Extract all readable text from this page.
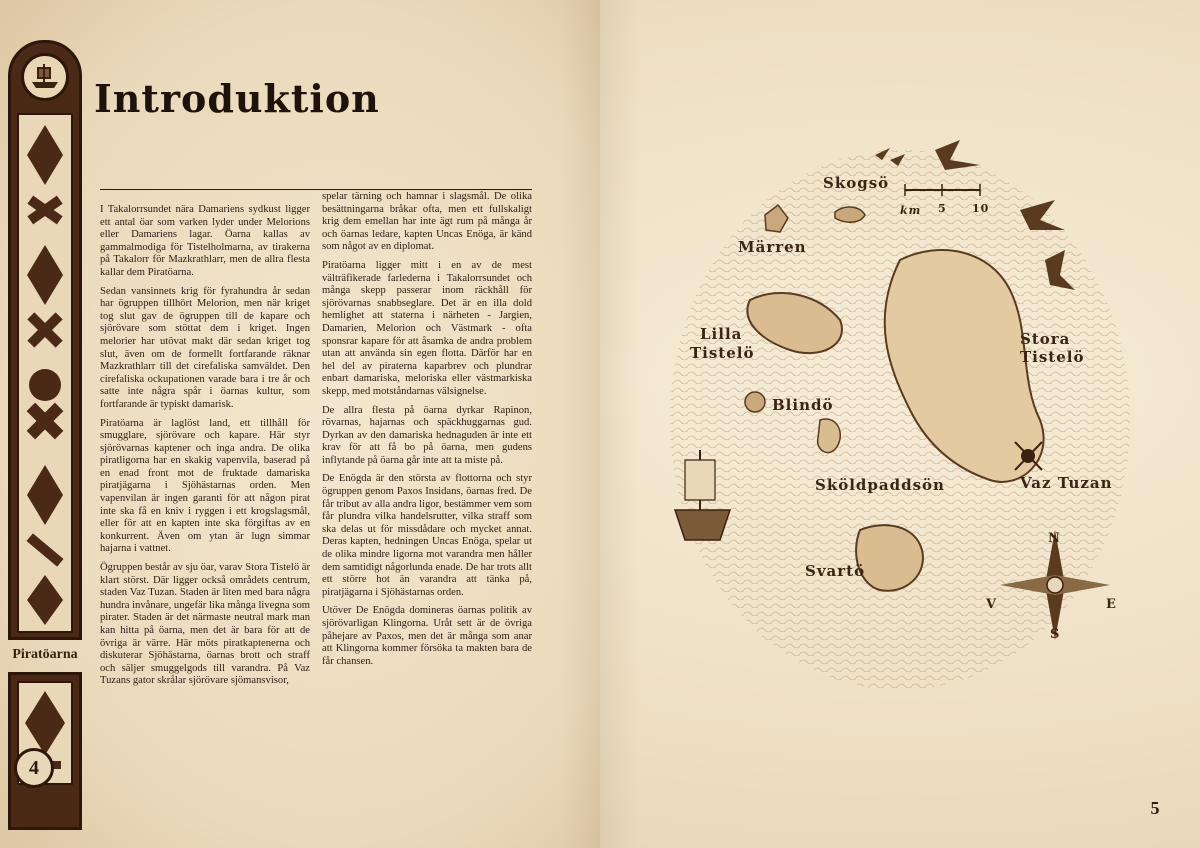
Piratöarna
4
Introduktion

I Takalorrsundet nära Damariens sydkust ligger ett antal öar som varken lyder under Melorions eller Damariens lagar. Öarna kallas av gammalmodiga för Tistelholmarna, av tirakerna på Takalorr för Mazkrathlarr, men de allra flesta kallar dem Piratöarna.

Sedan vansinnets krig för fyrahundra år sedan har ögruppen tillhört Melorion, men när kriget tog slut gav de ögruppen till de kapare och sjörövare som stöttat dem i kriget. Ingen melorier har utövat makt där sedan kriget tog slut, även om de formellt fortfarande räknar Mazkrathlarr till det cirefaliska samväldet. Den cirefaliska ockupationen varade bara i tre år och satte inte några spår i öarnas kultur, som fortfarande är typiskt damarisk.

Piratöarna är laglöst land, ett tillhåll för smugglare, sjörövare och kapare. Här styr sjörövarnas kaptener och inga andra. De olika piratligorna har en skakig vapenvila, baserad på en enad front mot de fruktade damariska piratjägarna i Sjöhästarnas orden. Men vapenvilan är ingen garanti för att någon pirat inte ska få en kniv i ryggen i ett krogslagsmål, eller för att en kapten inte ska förgiftas av en konkurrent. Även om ytan är lugn simmar hajarna i vattnet.

Ögruppen består av sju öar, varav Stora Tistelö är klart störst. Där ligger också områdets centrum, staden Vaz Tuzan. Staden är liten med bara några hundra invånare, ungefär lika många livegna som pirater. Staden är det närmaste neutral mark man kan hitta på öarna, men det är bara för att de övriga är värre. Här möts piratkaptenerna och diskuterar Sjöhästarna, öarnas brott och straff och säljer smuggelgods till varandra. På Vaz Tuzans gator skrålar sjörövare sjömansvisor,

spelar tärning och hamnar i slagsmål. De olika besättningarna bråkar ofta, men ett fullskaligt krig dem emellan har inte ägt rum på många år och öarnas ledare, kapten Uncas Enöga, är känd som något av en diplomat.

Piratöarna ligger mitt i en av de mest välträfikerade farlederna i Takalorrsundet och många skepp passerar inom räckhåll för sjörövarnas snabbseglare. Det är en illa dold hemlighet att staterna i närheten - Jargien, Damarien, Melorion och Västmark - ofta sponsrar kapare för att åsamka de andra problem utan att använda sin egen flotta. Därför har en hel del av piraterna kaparbrev och plundrar enbart damariska, meloriska eller västmarkiska skepp, med motståndarnas välsignelse.

De allra flesta på öarna dyrkar Rapinon, rövarnas, hajarnas och späckhuggarnas gud. Dyrkan av den damariska hednaguden är inte ett krav för att få bo på öarna, men gudens inflytande på öarna går inte att ta miste på.

De Enögda är den största av flottorna och styr ögruppen genom Paxos Insidans, öarnas fred. De får tribut av alla andra ligor, bestämmer vem som får plundra vilka handelsrutter, vilka straff som ska delas ut för missdådare och mycket annat. Deras kapten, hedningen Uncas Enöga, spelar ut de olika mindre ligorna mot varandra men håller dem samtidigt någorlunda enade. De har trots allt ett större hot än varandra att tänka på, piratjägarna i Sjöhästarnas orden.

Utöver De Enögda domineras öarnas politik av sjörövarligan Klingorna. Uråt sett är de övriga påhejare av Paxos, men det är många som anar att Klingorna kommer försöka ta makten bara de får chansen.

Skogsö
km 5 10
Märren
Lilla
Tistelö
Stora
Tistelö
Blindö
Sköldpaddsön	Vaz Tuzan
Svartö
N
S
E
V
5
